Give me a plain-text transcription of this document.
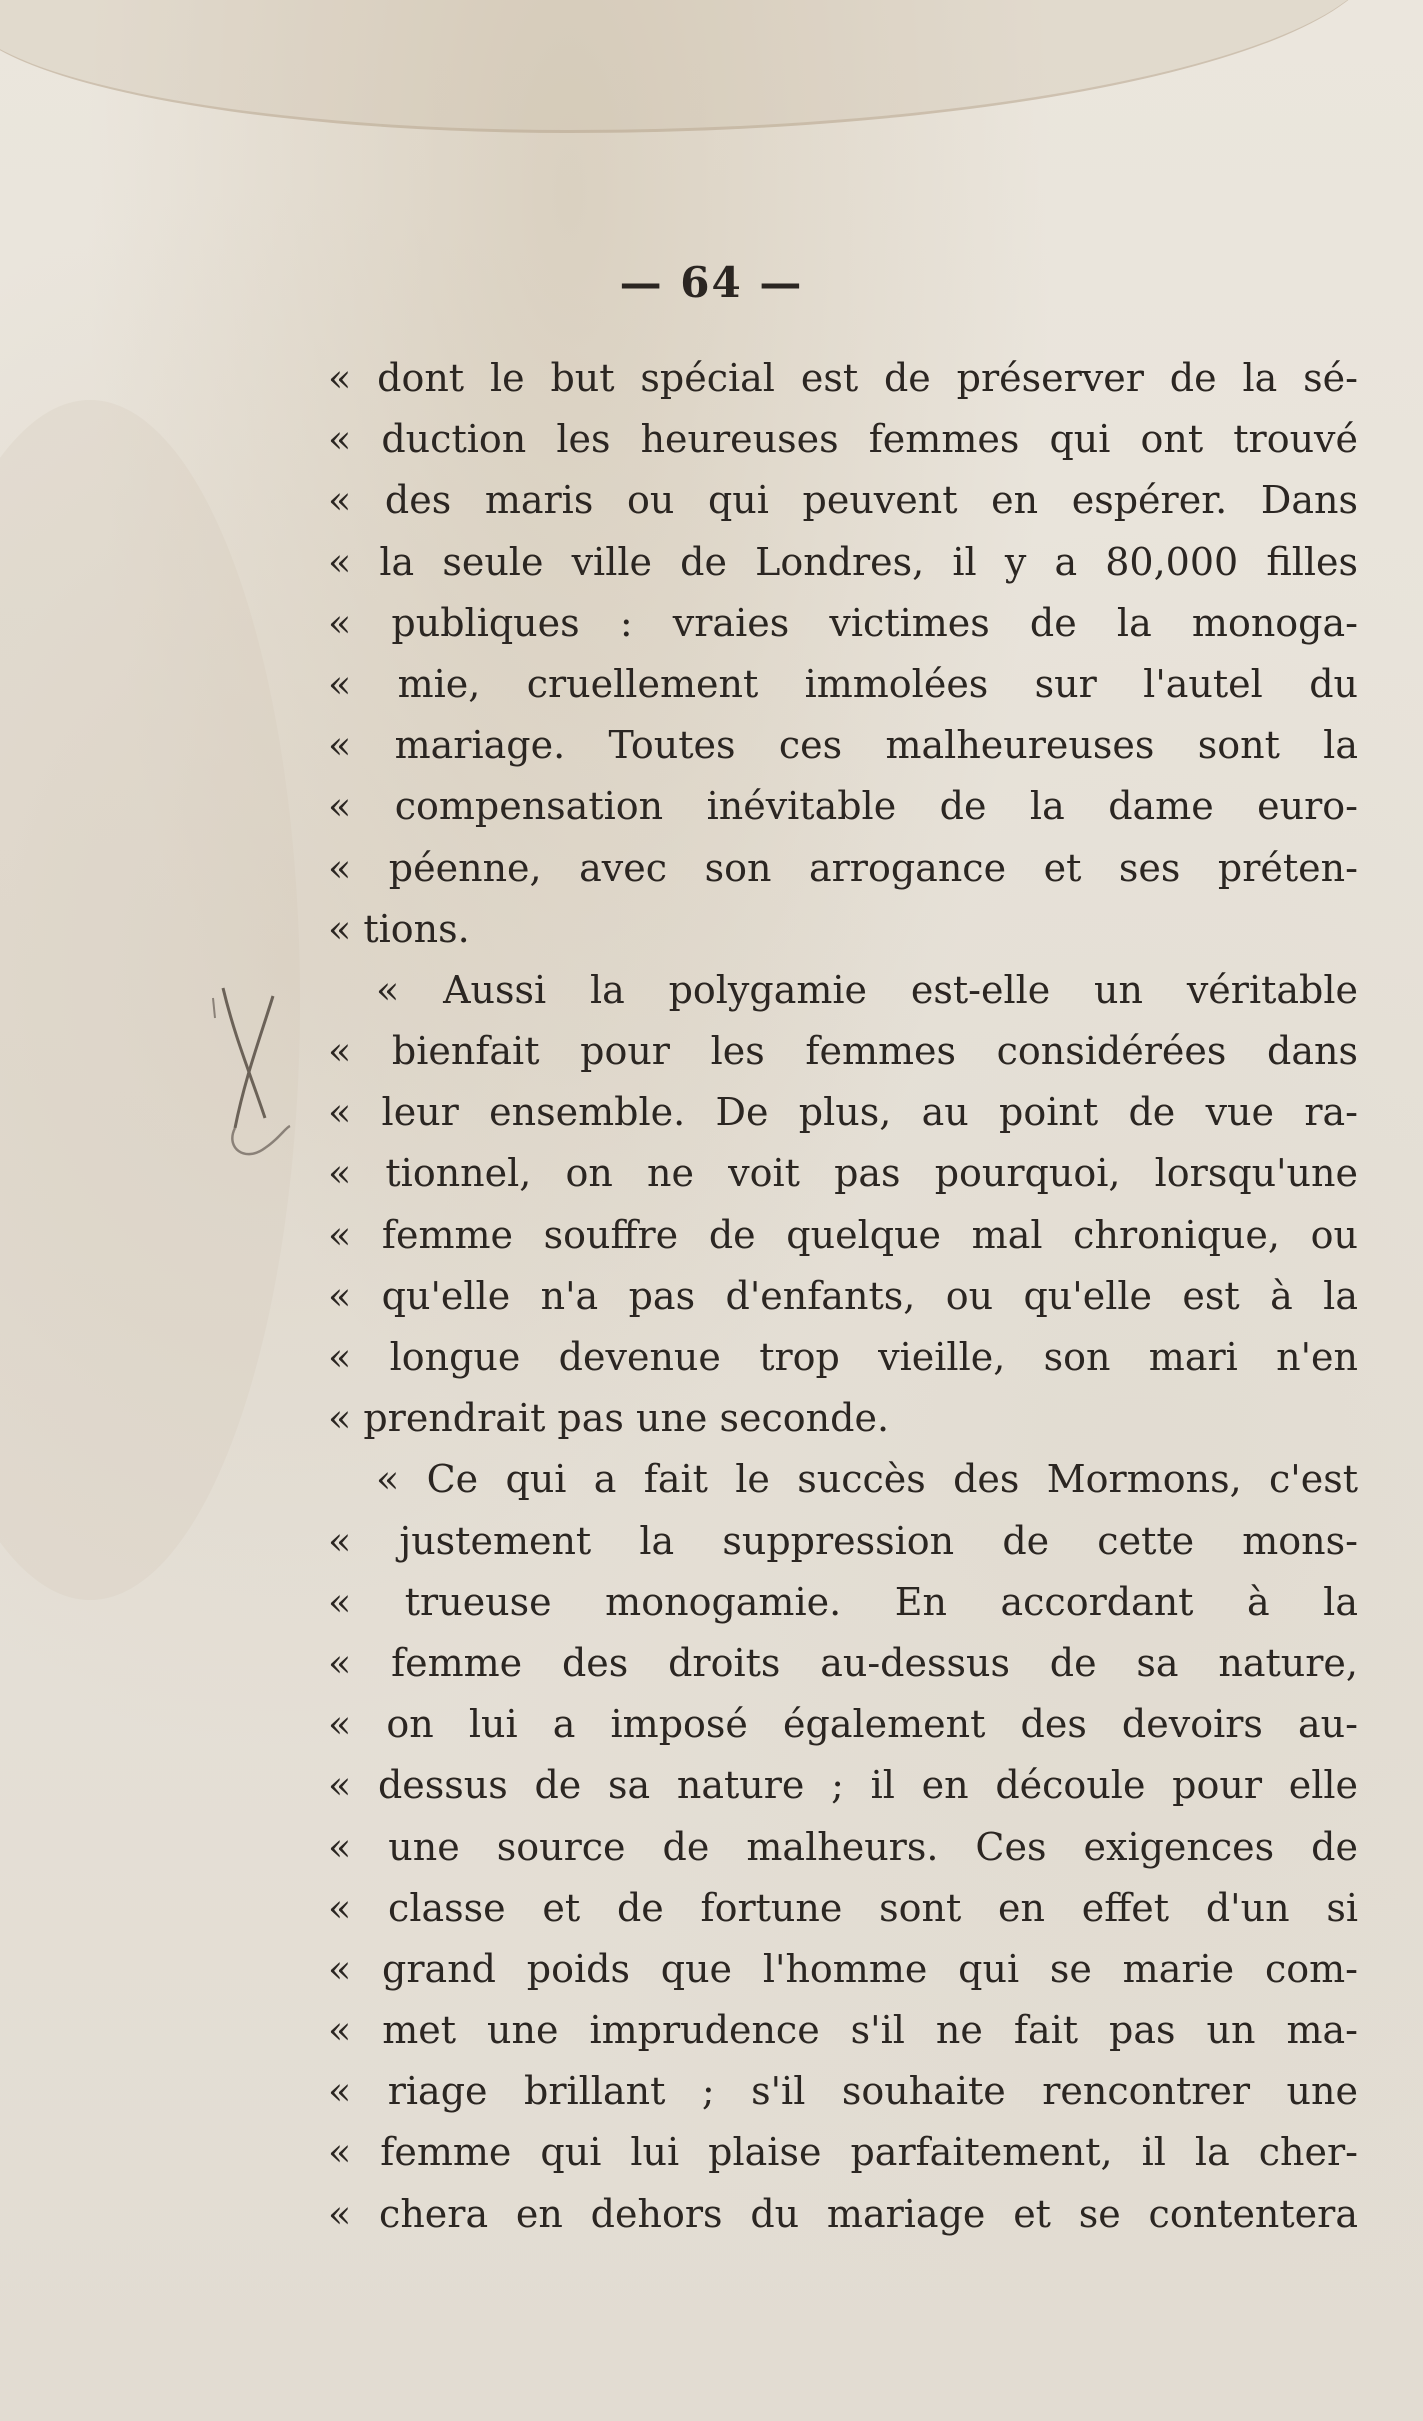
— 64 —
« dont le but spécial est de préserver de la sé-
« duction les heureuses femmes qui ont trouvé
« des maris ou qui peuvent en espérer. Dans
« la seule ville de Londres, il y a 80,000 filles
« publiques : vraies victimes de la monoga-
« mie, cruellement immolées sur l'autel du
« mariage. Toutes ces malheureuses sont la
« compensation inévitable de la dame euro-
« péenne, avec son arrogance et ses préten-
« tions.
« Aussi la polygamie est-elle un véritable
« bienfait pour les femmes considérées dans
« leur ensemble. De plus, au point de vue ra-
« tionnel, on ne voit pas pourquoi, lorsqu'une
« femme souffre de quelque mal chronique, ou
« qu'elle n'a pas d'enfants, ou qu'elle est à la
« longue devenue trop vieille, son mari n'en
« prendrait pas une seconde.
« Ce qui a fait le succès des Mormons, c'est
« justement la suppression de cette mons-
« trueuse monogamie. En accordant à la
« femme des droits au-dessus de sa nature,
« on lui a imposé également des devoirs au-
« dessus de sa nature ; il en découle pour elle
« une source de malheurs. Ces exigences de
« classe et de fortune sont en effet d'un si
« grand poids que l'homme qui se marie com-
« met une imprudence s'il ne fait pas un ma-
« riage brillant ; s'il souhaite rencontrer une
« femme qui lui plaise parfaitement, il la cher-
« chera en dehors du mariage et se contentera
